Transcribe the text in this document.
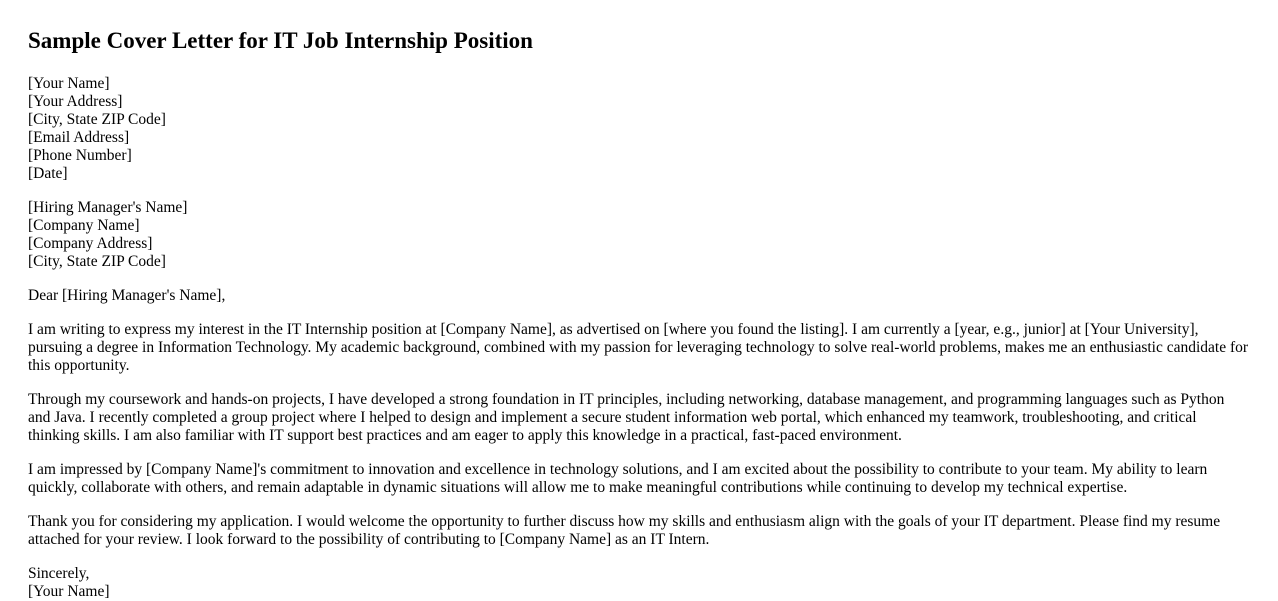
Sample Cover Letter for IT Job Internship Position
[Your Name]
[Your Address]
[City, State ZIP Code]
[Email Address]
[Phone Number]
[Date]
[Hiring Manager's Name]
[Company Name]
[Company Address]
[City, State ZIP Code]

Dear [Hiring Manager's Name],

I am writing to express my interest in the IT Internship position at [Company Name], as advertised on [where you found the listing]. I am currently a [year, e.g., junior] at [Your University], pursuing a degree in Information Technology. My academic background, combined with my passion for leveraging technology to solve real-world problems, makes me an enthusiastic candidate for this opportunity.

Through my coursework and hands-on projects, I have developed a strong foundation in IT principles, including networking, database management, and programming languages such as Python and Java. I recently completed a group project where I helped to design and implement a secure student information web portal, which enhanced my teamwork, troubleshooting, and critical thinking skills. I am also familiar with IT support best practices and am eager to apply this knowledge in a practical, fast-paced environment.

I am impressed by [Company Name]'s commitment to innovation and excellence in technology solutions, and I am excited about the possibility to contribute to your team. My ability to learn quickly, collaborate with others, and remain adaptable in dynamic situations will allow me to make meaningful contributions while continuing to develop my technical expertise.

Thank you for considering my application. I would welcome the opportunity to further discuss how my skills and enthusiasm align with the goals of your IT department. Please find my resume attached for your review. I look forward to the possibility of contributing to [Company Name] as an IT Intern.

Sincerely,
[Your Name]
